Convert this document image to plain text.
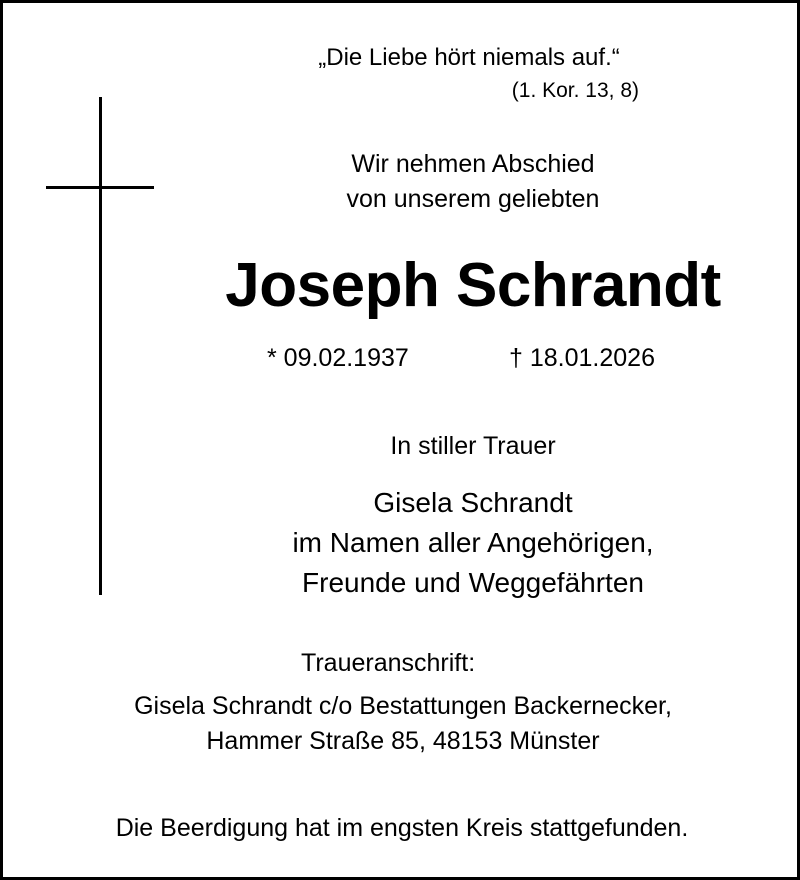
„Die Liebe hört niemals auf.“

(1. Kor. 13, 8)

Wir nehmen Abschied

von unserem geliebten

Joseph Schrandt

* 09.02.1937	† 18.01.2026

In stiller Trauer

Gisela Schrandt

im Namen aller Angehörigen,

Freunde und Weggefährten

Traueranschrift:

Gisela Schrandt c/o Bestattungen Backernecker,

Hammer Straße 85, 48153 Münster

Die Beerdigung hat im engsten Kreis stattgefunden.
